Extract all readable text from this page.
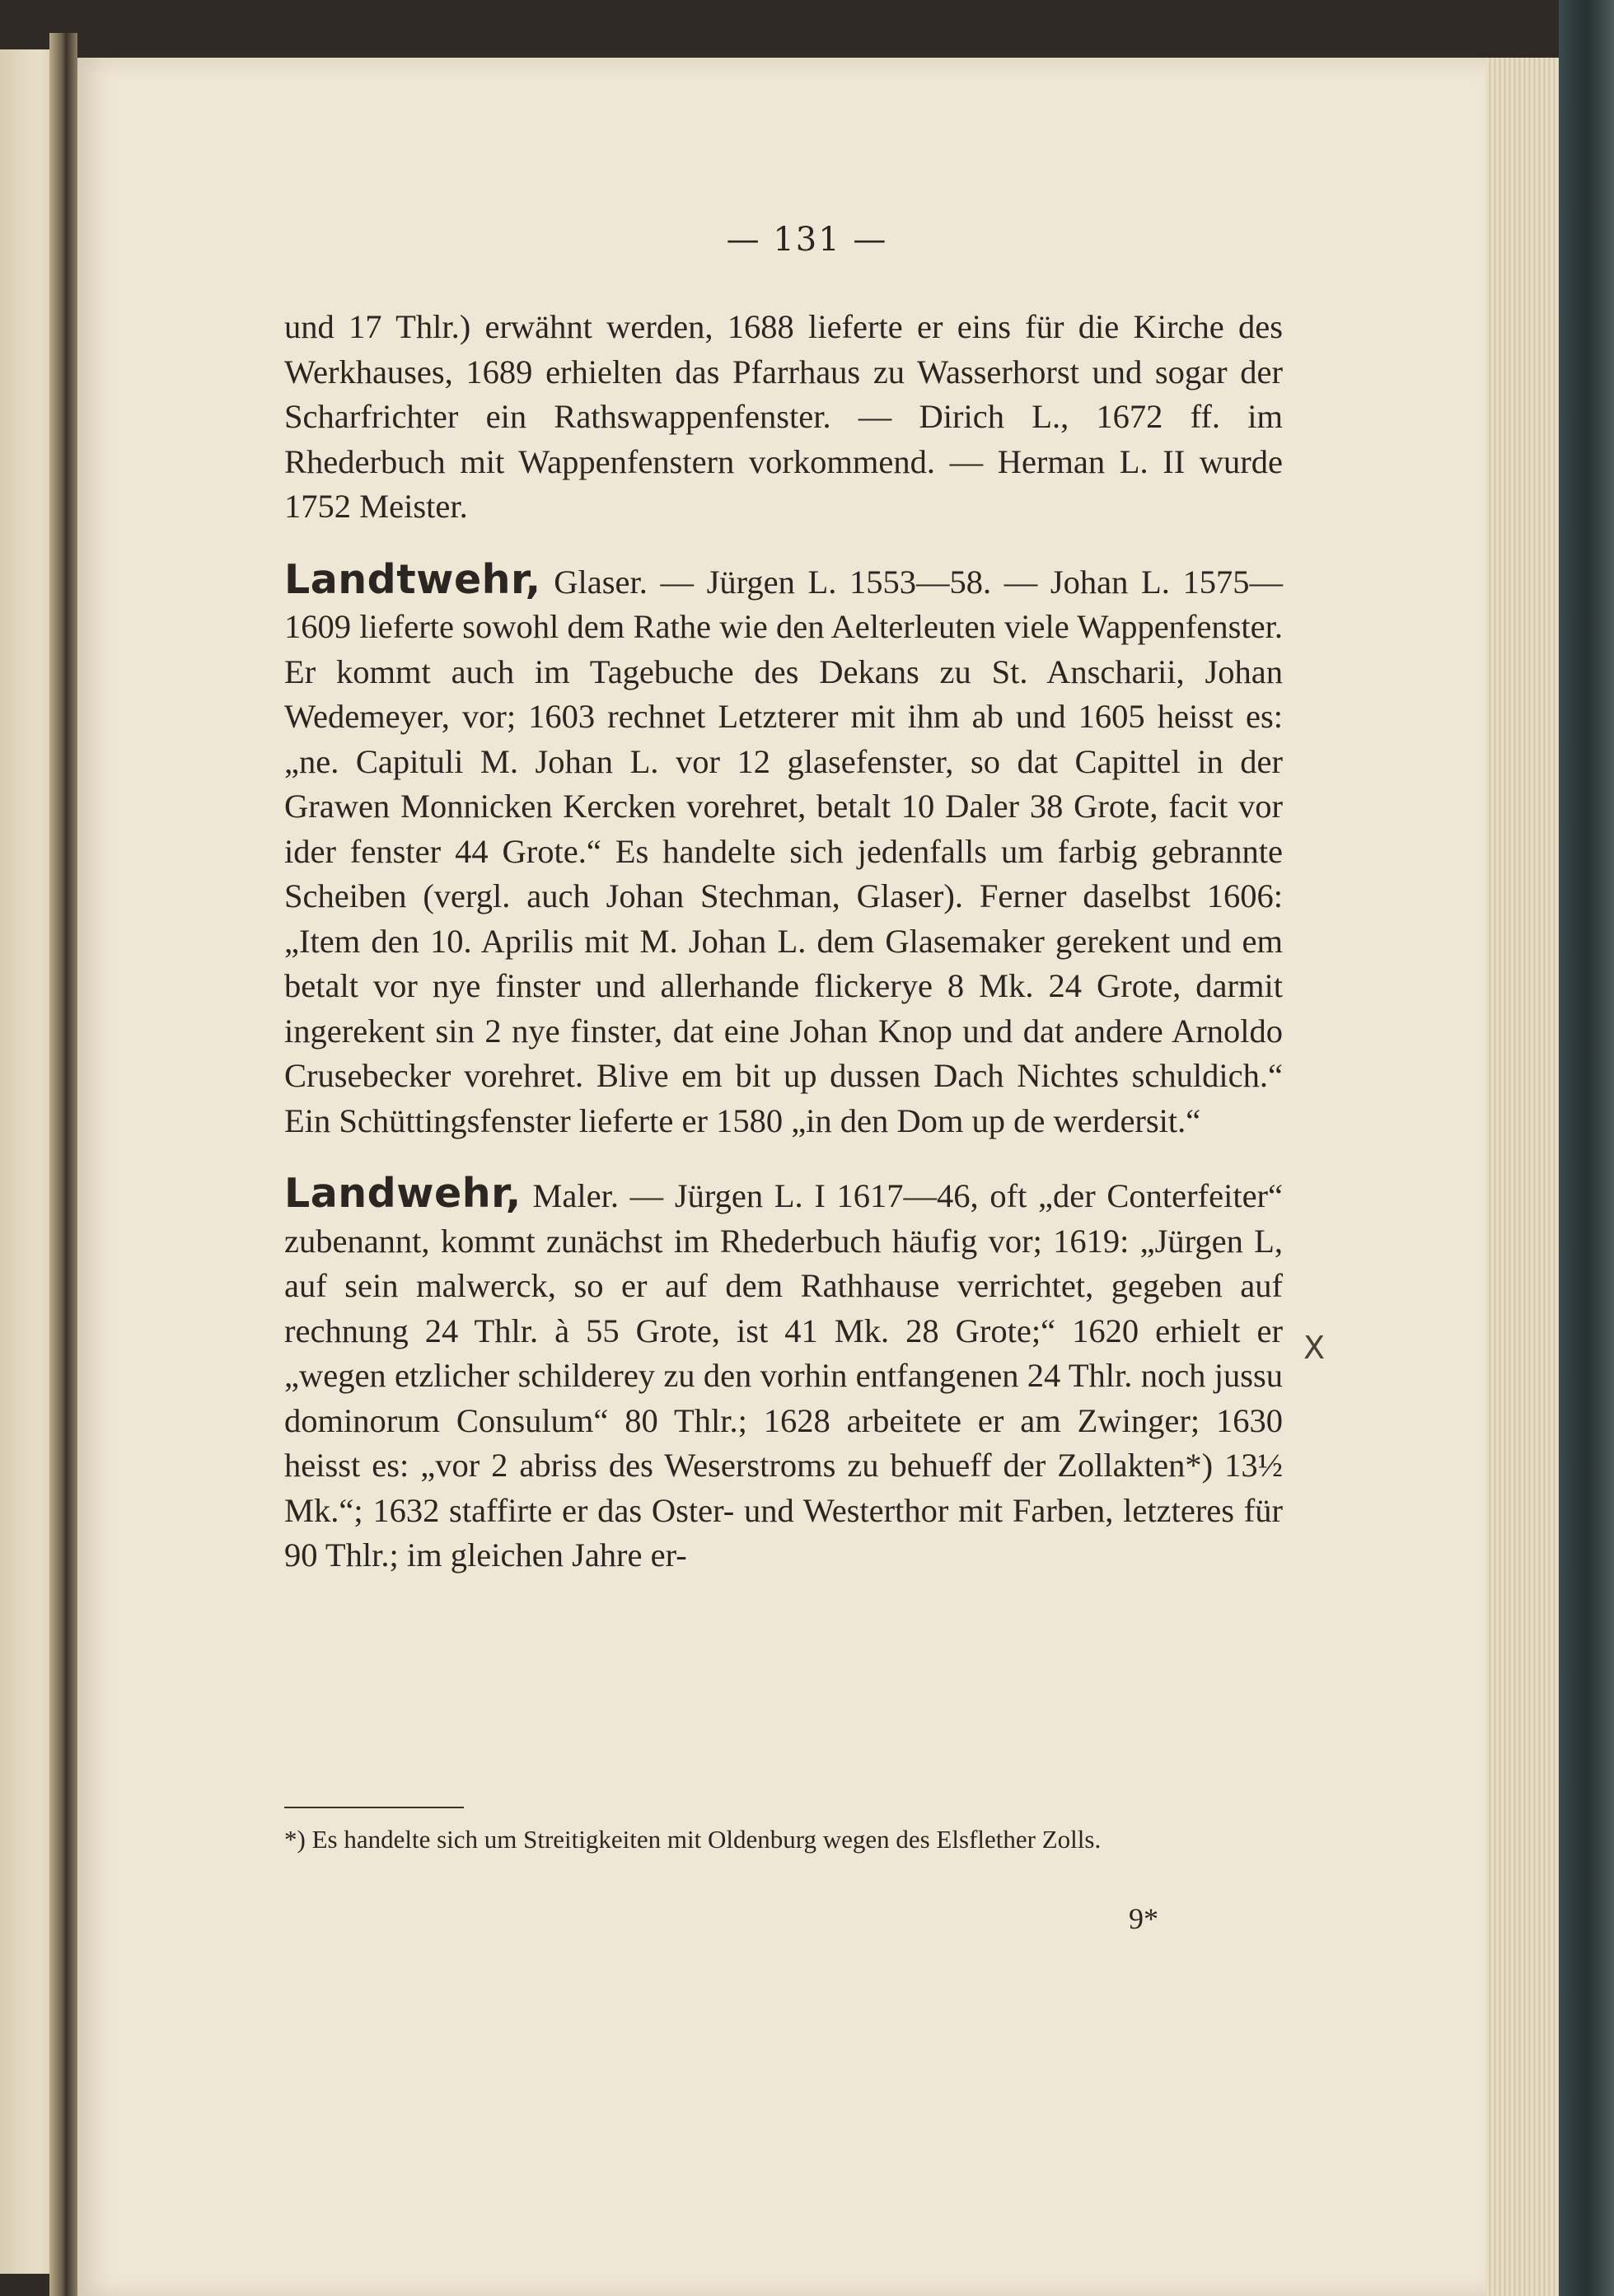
— 131 —

und 17 Thlr.) erwähnt werden, 1688 lieferte er eins für die Kirche des Werkhauses, 1689 erhielten das Pfarrhaus zu Wasserhorst und sogar der Scharfrichter ein Rathswappenfenster. — Dirich L., 1672 ff. im Rhederbuch mit Wappenfenstern vorkommend. — Herman L. II wurde 1752 Meister.

Landtwehr, Glaser. — Jürgen L. 1553—58. — Johan L. 1575—1609 lieferte sowohl dem Rathe wie den Aelterleuten viele Wappenfenster. Er kommt auch im Tagebuche des Dekans zu St. Anscharii, Johan Wedemeyer, vor; 1603 rechnet Letzterer mit ihm ab und 1605 heisst es: „ne. Capituli M. Johan L. vor 12 glasefenster, so dat Capittel in der Grawen Monnicken Kercken vorehret, betalt 10 Daler 38 Grote, facit vor ider fenster 44 Grote.“ Es handelte sich jedenfalls um farbig gebrannte Scheiben (vergl. auch Johan Stechman, Glaser). Ferner daselbst 1606: „Item den 10. Aprilis mit M. Johan L. dem Glasemaker gerekent und em betalt vor nye finster und allerhande flickerye 8 Mk. 24 Grote, darmit ingerekent sin 2 nye finster, dat eine Johan Knop und dat andere Arnoldo Crusebecker vorehret. Blive em bit up dussen Dach Nichtes schuldich.“ Ein Schüttingsfenster lieferte er 1580 „in den Dom up de werdersit.“

Landwehr, Maler. — Jürgen L. I 1617—46, oft „der Conterfeiter“ zubenannt, kommt zunächst im Rhederbuch häufig vor; 1619: „Jürgen L, auf sein malwerck, so er auf dem Rathhause verrichtet, gegeben auf rechnung 24 Thlr. à 55 Grote, ist 41 Mk. 28 Grote;“ 1620 erhielt er „wegen etzlicher schilderey zu den vorhin entfangenen 24 Thlr. noch jussu dominorum Consulum“ 80 Thlr.; 1628 arbeitete er am Zwinger; 1630 heisst es: „vor 2 abriss des Weserstroms zu behueff der Zollakten*) 13½ Mk.“; 1632 staffirte er das Oster- und Westerthor mit Farben, letzteres für 90 Thlr.; im gleichen Jahre er-

X
*) Es handelte sich um Streitigkeiten mit Oldenburg wegen des Elsflether Zolls.
9*
